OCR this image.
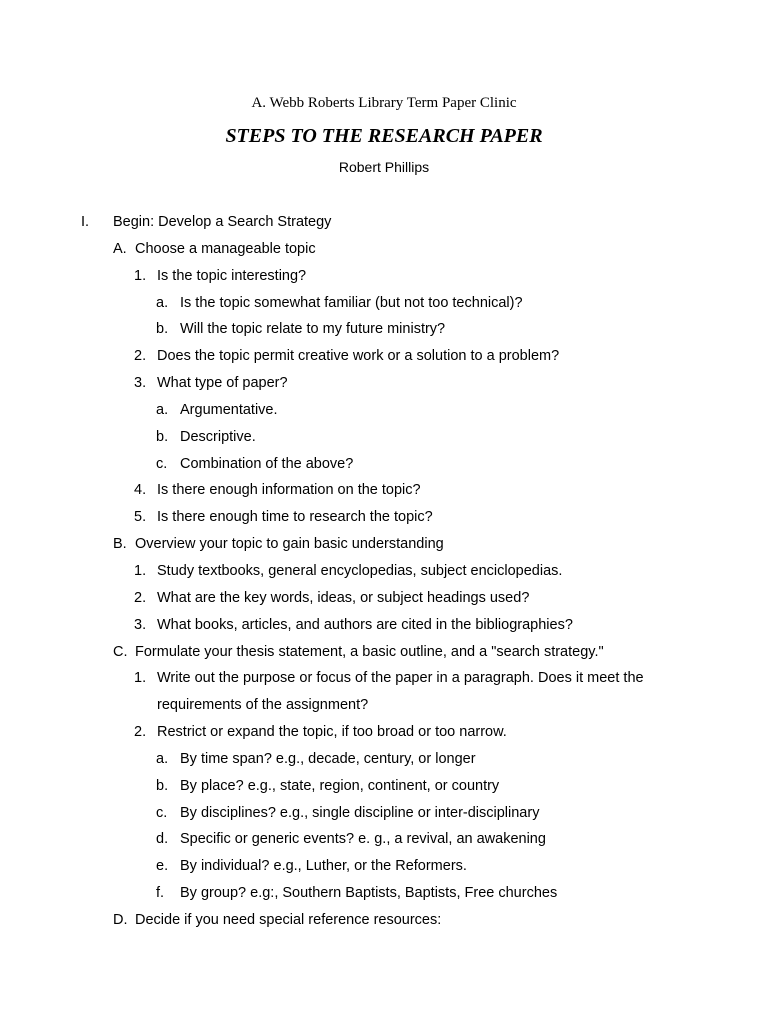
A. Webb Roberts Library Term Paper Clinic
STEPS TO THE RESEARCH PAPER
Robert Phillips
I. Begin: Develop a Search Strategy
A. Choose a manageable topic
1. Is the topic interesting?
a. Is the topic somewhat familiar (but not too technical)?
b. Will the topic relate to my future ministry?
2. Does the topic permit creative work or a solution to a problem?
3. What type of paper?
a. Argumentative.
b. Descriptive.
c. Combination of the above?
4. Is there enough information on the topic?
5. Is there enough time to research the topic?
B. Overview your topic to gain basic understanding
1. Study textbooks, general encyclopedias, subject enciclopedias.
2. What are the key words, ideas, or subject headings used?
3. What books, articles, and authors are cited in the bibliographies?
C. Formulate your thesis statement, a basic outline, and a "search strategy."
1. Write out the purpose or focus of the paper in a paragraph. Does it meet the
requirements of the assignment?
2. Restrict or expand the topic, if too broad or too narrow.
a. By time span? e.g., decade, century, or longer
b. By place? e.g., state, region, continent, or country
c. By disciplines? e.g., single discipline or inter-disciplinary
d. Specific or generic events? e. g., a revival, an awakening
e. By individual? e.g., Luther, or the Reformers.
f. By group? e.g:, Southern Baptists, Baptists, Free churches
D. Decide if you need special reference resources:
